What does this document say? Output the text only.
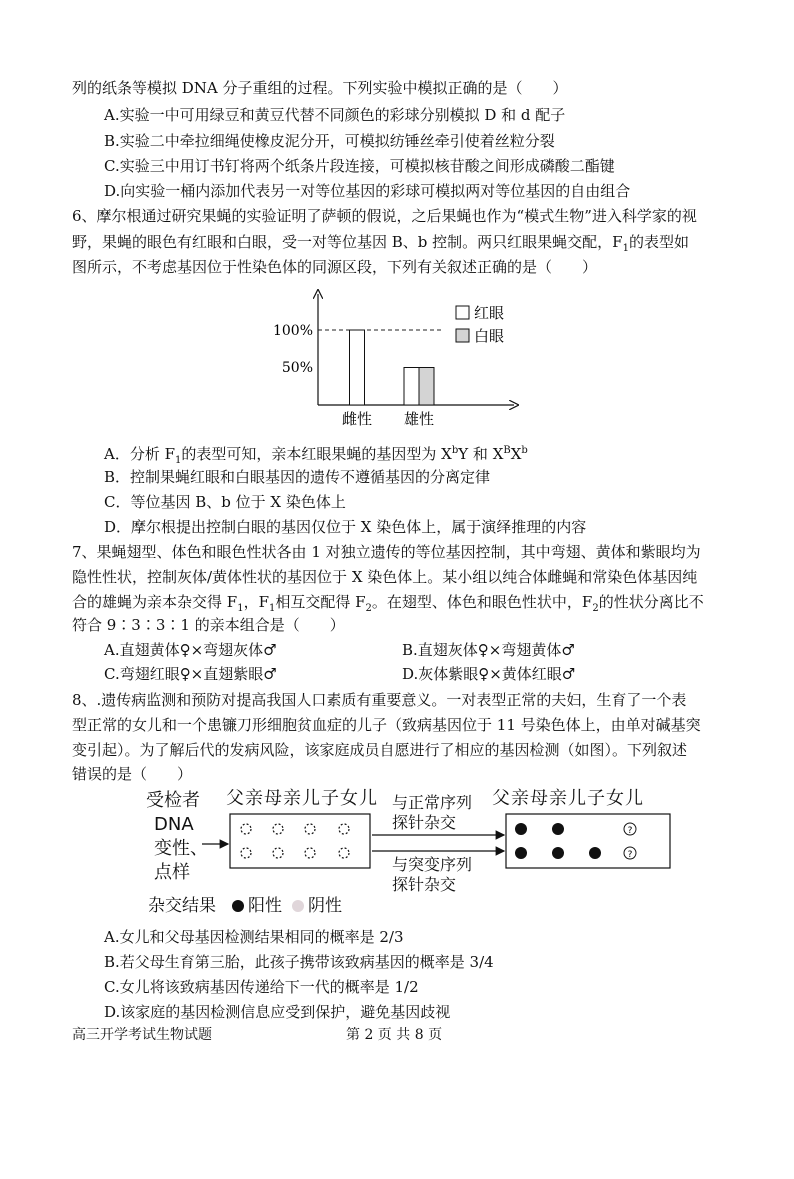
列的纸条等模拟 DNA 分子重组的过程。下列实验中模拟正确的是（　　）
A.实验一中可用绿豆和黄豆代替不同颜色的彩球分别模拟 D 和 d 配子
B.实验二中牵拉细绳使橡皮泥分开，可模拟纺锤丝牵引使着丝粒分裂
C.实验三中用订书钉将两个纸条片段连接，可模拟核苷酸之间形成磷酸二酯键
D.向实验一桶内添加代表另一对等位基因的彩球可模拟两对等位基因的自由组合
6、摩尔根通过研究果蝇的实验证明了萨顿的假说，之后果蝇也作为“模式生物”进入科学家的视
野，果蝇的眼色有红眼和白眼，受一对等位基因 B、b 控制。两只红眼果蝇交配，$F_1$的表型如
图所示，不考虑基因位于性染色体的同源区段，下列有关叙述正确的是（　　）
100%
50%
雌性 雄性
红眼
白眼
A．分析 $F_1$的表型可知，亲本红眼果蝇的基因型为 $X^bY$ 和 $X^BX^b$
B．控制果蝇红眼和白眼基因的遗传不遵循基因的分离定律
C．等位基因 B、b 位于 X 染色体上
D．摩尔根提出控制白眼的基因仅位于 X 染色体上，属于演绎推理的内容
7、果蝇翅型、体色和眼色性状各由 1 对独立遗传的等位基因控制，其中弯翅、黄体和紫眼均为
隐性性状，控制灰体/黄体性状的基因位于 X 染色体上。某小组以纯合体雌蝇和常染色体基因纯
合的雄蝇为亲本杂交得 $F_1$，$F_1$相互交配得 $F_2$。在翅型、体色和眼色性状中，$F_2$的性状分离比不
符合 9∶3∶3∶1 的亲本组合是（　　）
A.直翅黄体♀×弯翅灰体♂	B.直翅灰体♀×弯翅黄体♂
C.弯翅红眼♀×直翅紫眼♂	D.灰体紫眼♀×黄体红眼♂
8、.遗传病监测和预防对提高我国人口素质有重要意义。一对表型正常的夫妇，生育了一个表
型正常的女儿和一个患镰刀形细胞贫血症的儿子（致病基因位于 11 号染色体上，由单对碱基突
变引起）。为了解后代的发病风险，该家庭成员自愿进行了相应的基因检测（如图）。下列叙述
错误的是（　　）
受检者
DNA
变性、
点样
父亲母亲儿子女儿	父亲母亲儿子女儿
与正常序列
探针杂交
与突变序列
探针杂交
?
?
杂交结果 阳性 阴性
A.女儿和父母基因检测结果相同的概率是 2/3
B.若父母生育第三胎，此孩子携带该致病基因的概率是 3/4
C.女儿将该致病基因传递给下一代的概率是 1/2
D.该家庭的基因检测信息应受到保护，避免基因歧视
高三开学考试生物试题	第 2 页 共 8 页
